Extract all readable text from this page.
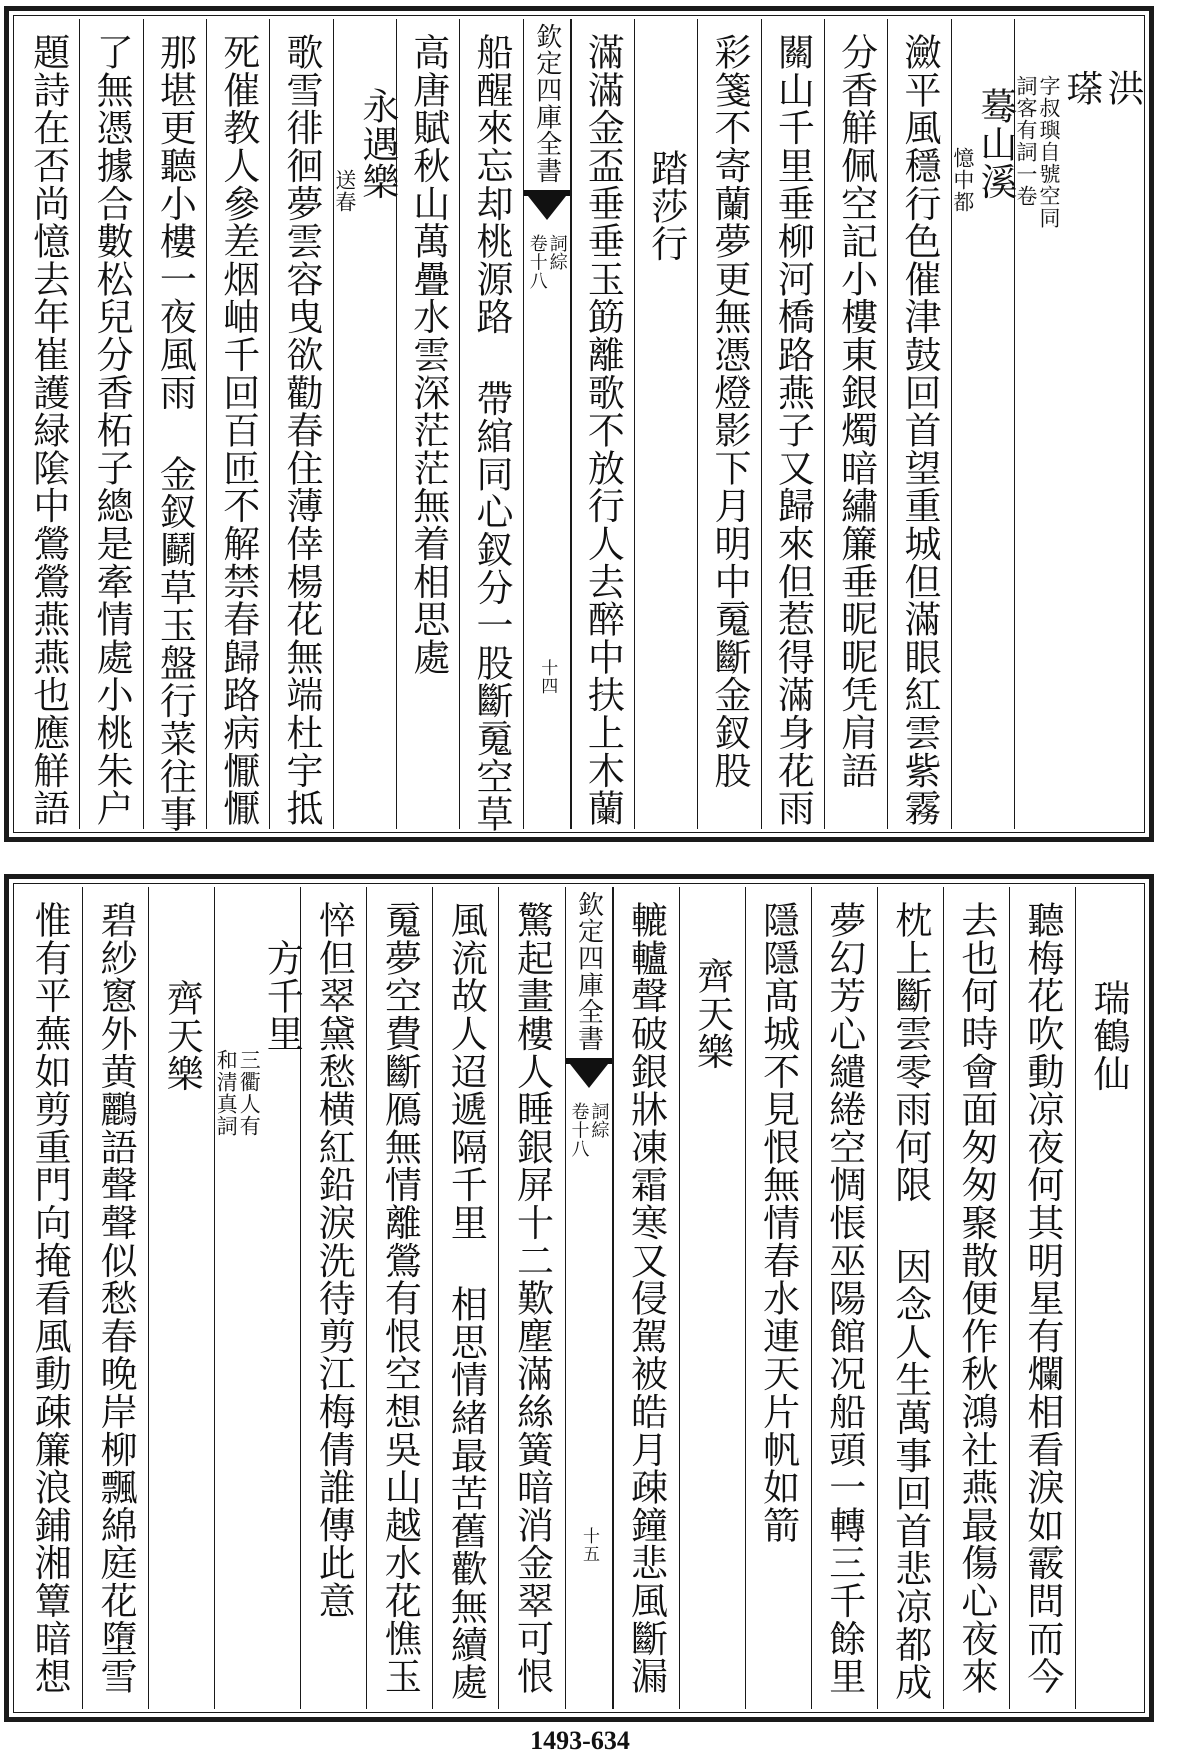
洪
瑹
字叔璵自號空同
詞客有詞一卷
蓦山溪
憶中都
瀲平風穩行色催津鼓回首望重城但滿眼紅雲紫霧
分香觧佩空記小樓東銀燭暗繡簾垂昵昵凭肩語
關山千里垂柳河橋路燕子又歸來但惹得滿身花雨
彩箋不寄蘭夢更無憑燈影下月明中䰟斷金釵股
踏莎行
滿滿金盃垂垂玉筯離歌不放行人去醉中扶上木蘭
欽定四庫全書
詞綜
卷十八
十四
船醒來忘却桃源路 帶綰同心釵分一股斷䰟空草
高唐賦秋山萬疊水雲深茫茫無着相思處
永遇樂
送春
歌雪徘徊夢雲容曳欲勸春住薄倖楊花無端杜宇抵
死催教人參差烟岫千回百匝不解禁春歸路病懨懨
那堪更聽小樓一夜風雨 金釵鬬草玉盤行菜往事
了無憑據合數松兒分香柘子總是牽情處小桃朱户
題詩在否尚憶去年崔護緑隂中鶯鶯燕燕也應觧語
瑞鶴仙
聽梅花吹動凉夜何其明星有爛相看淚如霰問而今
去也何時會面匆匆聚散便作秋鴻社燕最傷心夜來
枕上斷雲零雨何限 因念人生萬事回首悲凉都成
夢幻芳心繾綣空惆悵巫陽館况船頭一轉三千餘里
隱隱髙城不見恨無情春水連天片帆如箭
齊天樂
轆轤聲破銀牀凍霜寒又侵駕被皓月疎鐘悲風斷漏
欽定四庫全書
詞綜
卷十八
十五
驚起畫樓人睡銀屏十二歎塵滿絲簧暗消金翠可恨
風流故人迢遞隔千里 相思情緒最苦舊歡無續處
䰟夢空費斷鴈無情離鶯有恨空想吳山越水花憔玉
悴但翠黛愁横紅鉛淚洗待剪江梅倩誰傳此意
方千里
三衢人有
和清真詞
齊天樂
碧紗窻外黄鸝語聲聲似愁春晚岸柳飄綿庭花墮雪
惟有平蕪如剪重門向掩看風動疎簾浪鋪湘簟暗想
1493-634
